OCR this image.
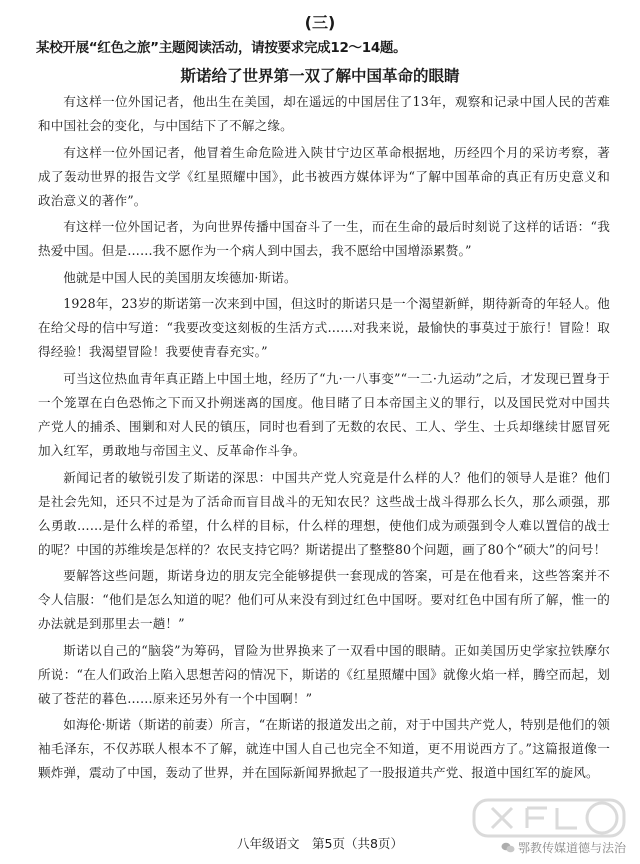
(三)
某校开展“红色之旅”主题阅读活动，请按要求完成12～14题。
斯诺给了世界第一双了解中国革命的眼睛

有这样一位外国记者，他出生在美国，却在遥远的中国居住了13年，观察和记录中国人民的苦难和中国社会的变化，与中国结下了不解之缘。

有这样一位外国记者，他冒着生命危险进入陕甘宁边区革命根据地，历经四个月的采访考察，著成了轰动世界的报告文学《红星照耀中国》，此书被西方媒体评为“了解中国革命的真正有历史意义和政治意义的著作”。

有这样一位外国记者，为向世界传播中国奋斗了一生，而在生命的最后时刻说了这样的话语：“我热爱中国。但是……我不愿作为一个病人到中国去，我不愿给中国增添累赘。”

他就是中国人民的美国朋友埃德加·斯诺。

1928年，23岁的斯诺第一次来到中国，但这时的斯诺只是一个渴望新鲜，期待新奇的年轻人。他在给父母的信中写道：“我要改变这刻板的生活方式……对我来说，最愉快的事莫过于旅行！冒险！取得经验！我渴望冒险！我要使青春充实。”

可当这位热血青年真正踏上中国土地，经历了“九·一八事变”“一二·九运动”之后，才发现已置身于一个笼罩在白色恐怖之下而又扑朔迷离的国度。他目睹了日本帝国主义的罪行，以及国民党对中国共产党人的捕杀、围剿和对人民的镇压，同时也看到了无数的农民、工人、学生、士兵却继续甘愿冒死加入红军，勇敢地与帝国主义、反革命作斗争。

新闻记者的敏锐引发了斯诺的深思：中国共产党人究竟是什么样的人？他们的领导人是谁？他们是社会先知，还只不过是为了活命而盲目战斗的无知农民？这些战士战斗得那么长久，那么顽强，那么勇敢……是什么样的希望，什么样的目标，什么样的理想，使他们成为顽强到令人难以置信的战士的呢？中国的苏维埃是怎样的？农民支持它吗？斯诺提出了整整80个问题，画了80个“硕大”的问号！

要解答这些问题，斯诺身边的朋友完全能够提供一套现成的答案，可是在他看来，这些答案并不令人信服：“他们是怎么知道的呢？他们可从来没有到过红色中国呀。要对红色中国有所了解，惟一的办法就是到那里去一趟！”

斯诺以自己的“脑袋”为筹码，冒险为世界换来了一双看中国的眼睛。正如美国历史学家拉铁摩尔所说：“在人们政治上陷入思想苦闷的情况下，斯诺的《红星照耀中国》就像火焰一样，腾空而起，划破了苍茫的暮色……原来还另外有一个中国啊！”

如海伦·斯诺（斯诺的前妻）所言，“在斯诺的报道发出之前，对于中国共产党人，特别是他们的领袖毛泽东，不仅苏联人根本不了解，就连中国人自己也完全不知道，更不用说西方了。”这篇报道像一颗炸弹，震动了中国，轰动了世界，并在国际新闻界掀起了一股报道共产党、报道中国红军的旋风。

八年级语文　第5页（共8页）	鄂教传媒道德与法治
